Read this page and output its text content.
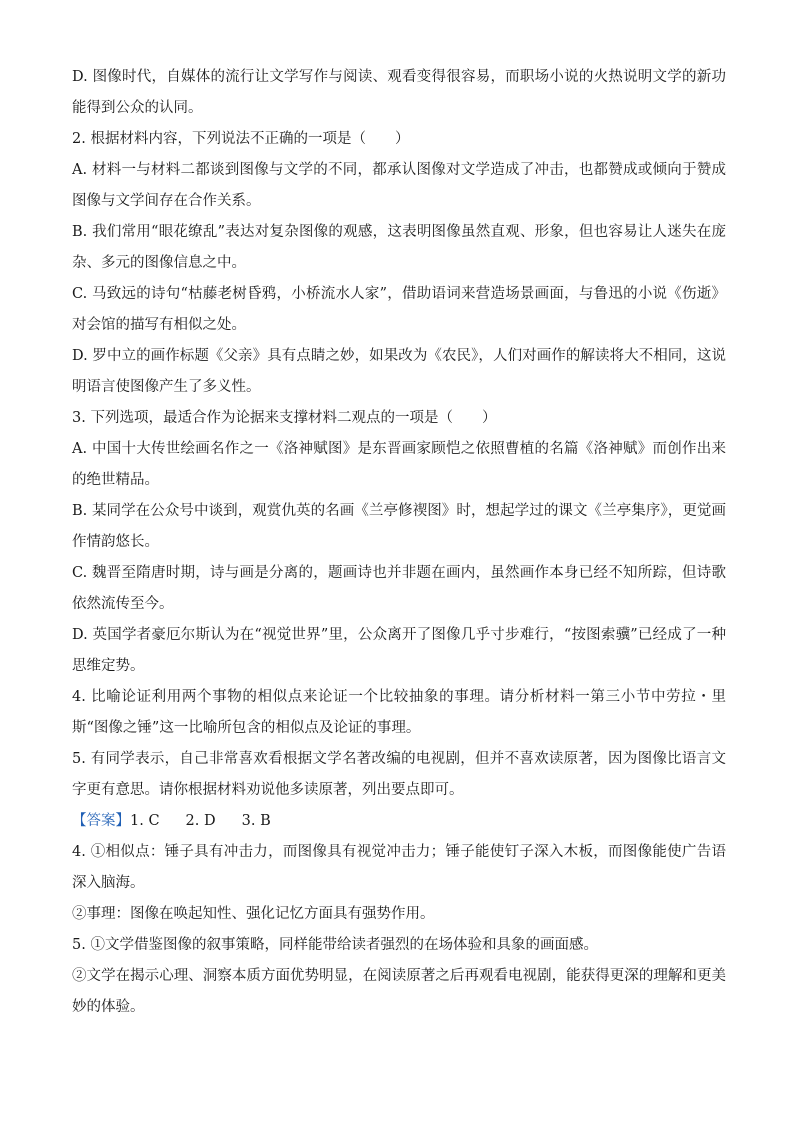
D. 图像时代，自媒体的流行让文学写作与阅读、观看变得很容易，而职场小说的火热说明文学的新功能得到公众的认同。

2. 根据材料内容，下列说法不正确的一项是（　　）

A. 材料一与材料二都谈到图像与文学的不同，都承认图像对文学造成了冲击，也都赞成或倾向于赞成图像与文学间存在合作关系。

B. 我们常用“眼花缭乱”表达对复杂图像的观感，这表明图像虽然直观、形象，但也容易让人迷失在庞杂、多元的图像信息之中。

C. 马致远的诗句“枯藤老树昏鸦，小桥流水人家”，借助语词来营造场景画面，与鲁迅的小说《伤逝》对会馆的描写有相似之处。

D. 罗中立的画作标题《父亲》具有点睛之妙，如果改为《农民》，人们对画作的解读将大不相同，这说明语言使图像产生了多义性。

3. 下列选项，最适合作为论据来支撑材料二观点的一项是（　　）

A. 中国十大传世绘画名作之一《洛神赋图》是东晋画家顾恺之依照曹植的名篇《洛神赋》而创作出来的绝世精品。

B. 某同学在公众号中谈到，观赏仇英的名画《兰亭修禊图》时，想起学过的课文《兰亭集序》，更觉画作情韵悠长。

C. 魏晋至隋唐时期，诗与画是分离的，题画诗也并非题在画内，虽然画作本身已经不知所踪，但诗歌依然流传至今。

D. 英国学者豪厄尔斯认为在“视觉世界”里，公众离开了图像几乎寸步难行，“按图索骥”已经成了一种思维定势。

4. 比喻论证利用两个事物的相似点来论证一个比较抽象的事理。请分析材料一第三小节中劳拉・里斯“图像之锤”这一比喻所包含的相似点及论证的事理。

5. 有同学表示，自己非常喜欢看根据文学名著改编的电视剧，但并不喜欢读原著，因为图像比语言文字更有意思。请你根据材料劝说他多读原著，列出要点即可。

【答案】1. C 2. D 3. B

4. ①相似点：锤子具有冲击力，而图像具有视觉冲击力；锤子能使钉子深入木板，而图像能使广告语深入脑海。

②事理：图像在唤起知性、强化记忆方面具有强势作用。

5. ①文学借鉴图像的叙事策略，同样能带给读者强烈的在场体验和具象的画面感。

②文学在揭示心理、洞察本质方面优势明显，在阅读原著之后再观看电视剧，能获得更深的理解和更美妙的体验。
